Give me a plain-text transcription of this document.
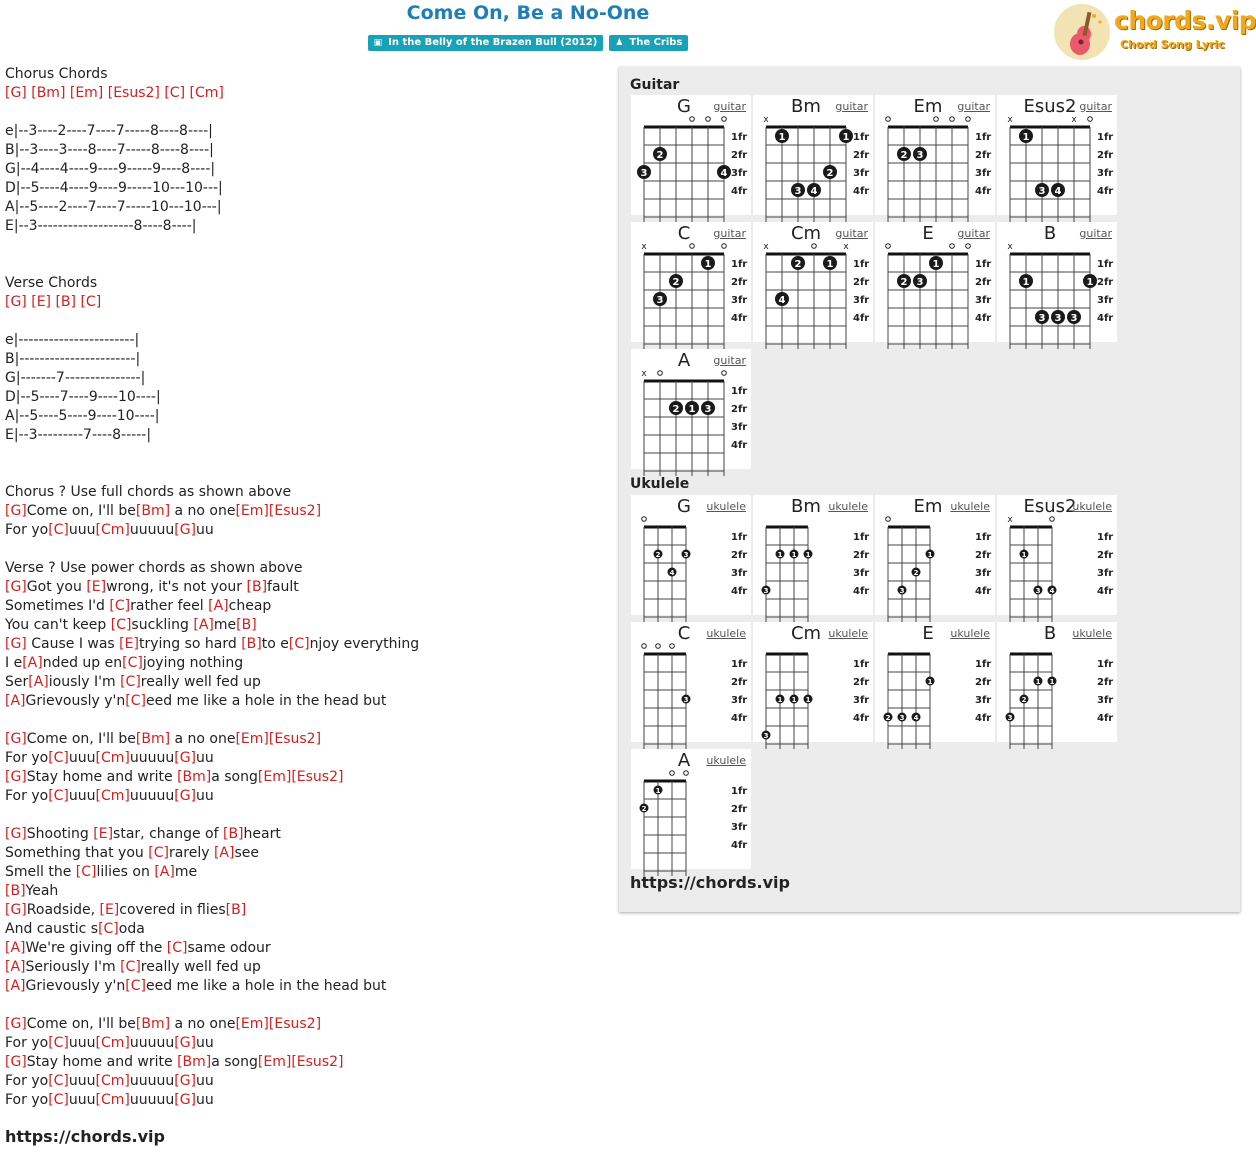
Come On, Be a No-One
▣ In the Belly of the Brazen Bull (2012) ♟ The Cribs
chords.vip
Chord Song Lyric
Chorus Chords
[G] [Bm] [Em] [Esus2] [C] [Cm]
e|--3----2----7----7-----8----8----|
B|--3----3----8----7-----8----8----|
G|--4----4----9----9-----9----8----|
D|--5----4----9----9-----10---10---|
A|--5----2----7----7-----10---10---|
E|--3-------------------8----8----|
Verse Chords
[G] [E] [B] [C]
e|-----------------------|
B|-----------------------|
G|-------7---------------|
D|--5----7----9----10----|
A|--5----5----9----10----|
E|--3---------7----8-----|
Chorus ? Use full chords as shown above
[G]Come on, I'll be[Bm] a no one[Em][Esus2]
For yo[C]uuu[Cm]uuuuu[G]uu
Verse ? Use power chords as shown above
[G]Got you [E]wrong, it's not your [B]fault
Sometimes I'd [C]rather feel [A]cheap
You can't keep [C]suckling [A]me[B]
[G] Cause I was [E]trying so hard [B]to e[C]njoy everything
I e[A]nded up en[C]joying nothing
Ser[A]iously I'm [C]really well fed up
[A]Grievously y'n[C]eed me like a hole in the head but
[G]Come on, I'll be[Bm] a no one[Em][Esus2]
For yo[C]uuu[Cm]uuuuu[G]uu
[G]Stay home and write [Bm]a song[Em][Esus2]
For yo[C]uuu[Cm]uuuuu[G]uu
[G]Shooting [E]star, change of [B]heart
Something that you [C]rarely [A]see
Smell the [C]lilies on [A]me
[B]Yeah
[G]Roadside, [E]covered in flies[B]
And caustic s[C]oda
[A]We're giving off the [C]same odour
[A]Seriously I'm [C]really well fed up
[A]Grievously y'n[C]eed me like a hole in the head but
[G]Come on, I'll be[Bm] a no one[Em][Esus2]
For yo[C]uuu[Cm]uuuuu[G]uu
[G]Stay home and write [Bm]a song[Em][Esus2]
For yo[C]uuu[Cm]uuuuu[G]uu
For yo[C]uuu[Cm]uuuuu[G]uu
https://chords.vip
Guitar
G	guitar
1fr
2fr
3fr
4fr
3
2
4
Bm	guitar
1fr
2fr
3fr
4fr
x
1
3 4
2
1
Em	guitar
1fr
2fr
3fr
4fr
2 3
Esus2 guitar
1fr
2fr
3fr
4fr
x	x
1
3 4
C	guitar
1fr
2fr
3fr
4fr
x
3
2
1
Cm	guitar
1fr
2fr
3fr
4fr
x	x
4
2	1
E	guitar
1fr
2fr
3fr
4fr
2 3
1
B	guitar
1fr
2fr
3fr
4fr
x
1
3 3 3
1
A	guitar
1fr
2fr
3fr
4fr
x
2 1 3
Ukulele
G	ukulele
1fr
2fr
3fr
4fr
2
4
3
Bm ukulele
1fr
2fr
3fr
4fr
3
1 1 1
Em ukulele
1fr
2fr
3fr
4fr
3
2
1
Esus2
ukulele
1fr
2fr
3fr
4fr
x
1
3 4
C	ukulele
1fr
2fr
3fr
4fr
3
Cm ukulele
1fr
2fr
3fr
4fr
3
1 1 1
E	ukulele
1fr
2fr
3fr
4fr
2 3 4
1
B	ukulele
1fr
2fr
3fr
4fr
3
2
1 1
A	ukulele
1fr
2fr
3fr
4fr
2
1
https://chords.vip
